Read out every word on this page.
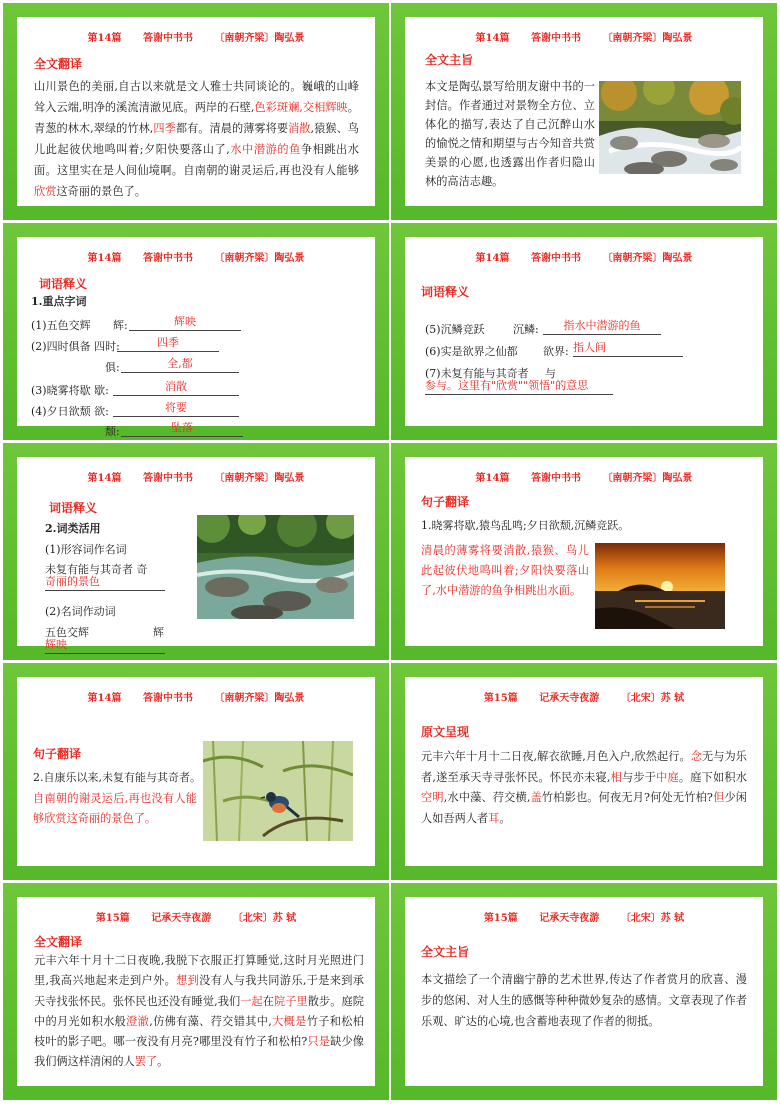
第14篇 答谢中书书 〔南朝齐梁〕陶弘景
全文翻译
山川景色的美丽,自古以来就是文人雅士共同谈论的。巍峨的山峰耸入云端,明净的溪流清澈见底。两岸的石壁,色彩斑斓,交相辉映。青葱的林木,翠绿的竹林,四季都有。清晨的薄雾将要消散,猿猴、鸟儿此起彼伏地鸣叫着;夕阳快要落山了,水中潜游的鱼争相跳出水面。这里实在是人间仙境啊。自南朝的谢灵运后,再也没有人能够欣赏这奇丽的景色了。
第14篇 答谢中书书 〔南朝齐梁〕陶弘景
全文主旨
本文是陶弘景写给朋友谢中书的一封信。作者通过对景物全方位、立体化的描写,表达了自己沉醉山水的愉悦之情和期望与古今知音共赏美景的心愿,也透露出作者归隐山林的高洁志趣。
第14篇 答谢中书书 〔南朝齐梁〕陶弘景
词语释义
1.重点字词
(1)五色交辉 辉:	辉映
(2)四时俱备 四时:	四季
俱:	全,都
(3)晓雾将歇 歇:	消散
(4)夕日欲颓 欲:	将要
颓:	坠落
第14篇 答谢中书书 〔南朝齐梁〕陶弘景
词语释义
(5)沉鳞竞跃	沉鳞:	指水中潜游的鱼
(6)实是欲界之仙都 欲界: 指人间
(7)未复有能与其奇者 与
参与。这里有"欣赏""领悟"的意思
第14篇 答谢中书书 〔南朝齐梁〕陶弘景
词语释义
2.词类活用
(1)形容词作名词
未复有能与其奇者 奇
奇丽的景色
(2)名词作动词
五色交辉	辉
辉映
第14篇 答谢中书书 〔南朝齐梁〕陶弘景
句子翻译
1.晓雾将歇,猿鸟乱鸣;夕日欲颓,沉鳞竞跃。
清晨的薄雾将要消散,猿猴、鸟儿此起彼伏地鸣叫着;夕阳快要落山了,水中潜游的鱼争相跳出水面。
第14篇 答谢中书书 〔南朝齐梁〕陶弘景
句子翻译
2.自康乐以来,未复有能与其奇者。
自南朝的谢灵运后,再也没有人能够欣赏这奇丽的景色了。
第15篇 记承天寺夜游 〔北宋〕苏 轼
原文呈现
元丰六年十月十二日夜,解衣欲睡,月色入户,欣然起行。念无与为乐者,遂至承天寺寻张怀民。怀民亦未寝,相与步于中庭。庭下如积水空明,水中藻、荇交横,盖竹柏影也。何夜无月?何处无竹柏?但少闲人如吾两人者耳。
第15篇 记承天寺夜游 〔北宋〕苏 轼
全文翻译
元丰六年十月十二日夜晚,我脱下衣服正打算睡觉,这时月光照进门里,我高兴地起来走到户外。想到没有人与我共同游乐,于是来到承天寺找张怀民。张怀民也还没有睡觉,我们一起在院子里散步。庭院中的月光如积水般澄澈,仿佛有藻、荇交错其中,大概是竹子和松柏枝叶的影子吧。哪一夜没有月亮?哪里没有竹子和松柏?只是缺少像我们俩这样清闲的人罢了。
第15篇 记承天寺夜游 〔北宋〕苏 轼
全文主旨
本文描绘了一个清幽宁静的艺术世界,传达了作者赏月的欣喜、漫步的悠闲、对人生的感慨等种种微妙复杂的感情。文章表现了作者乐观、旷达的心境,也含蓄地表现了作者的彻抵。
